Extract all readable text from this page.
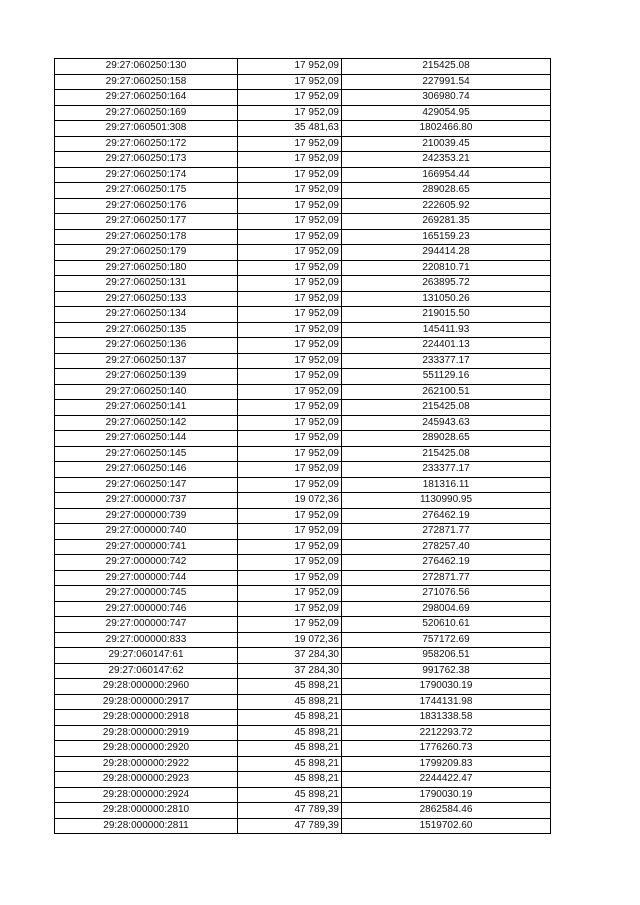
29:27:060250:130	17 952,09	215425.08
29:27:060250:158	17 952,09	227991.54
29:27:060250:164	17 952,09	306980.74
29:27:060250:169	17 952,09	429054.95
29:27:060501:308	35 481,63	1802466.80
29:27:060250:172	17 952,09	210039.45
29:27:060250:173	17 952,09	242353.21
29:27:060250:174	17 952,09	166954.44
29:27:060250:175	17 952,09	289028.65
29:27:060250:176	17 952,09	222605.92
29:27:060250:177	17 952,09	269281.35
29:27:060250:178	17 952,09	165159.23
29:27:060250:179	17 952,09	294414.28
29:27:060250:180	17 952,09	220810.71
29:27:060250:131	17 952,09	263895.72
29:27:060250:133	17 952,09	131050.26
29:27:060250:134	17 952,09	219015.50
29:27:060250:135	17 952,09	145411.93
29:27:060250:136	17 952,09	224401.13
29:27:060250:137	17 952,09	233377.17
29:27:060250:139	17 952,09	551129.16
29:27:060250:140	17 952,09	262100.51
29:27:060250:141	17 952,09	215425.08
29:27:060250:142	17 952,09	245943.63
29:27:060250:144	17 952,09	289028.65
29:27:060250:145	17 952,09	215425.08
29:27:060250:146	17 952,09	233377.17
29:27:060250:147	17 952,09	181316.11
29:27:000000:737	19 072,36	1130990.95
29:27:000000:739	17 952,09	276462.19
29:27:000000:740	17 952,09	272871.77
29:27:000000:741	17 952,09	278257.40
29:27:000000:742	17 952,09	276462.19
29:27:000000:744	17 952,09	272871.77
29:27:000000:745	17 952,09	271076.56
29:27:000000:746	17 952,09	298004.69
29:27:000000:747	17 952,09	520610.61
29:27:000000:833	19 072,36	757172.69
29:27:060147:61	37 284,30	958206.51
29:27:060147:62	37 284,30	991762.38
29:28:000000:2960	45 898,21	1790030.19
29:28:000000:2917	45 898,21	1744131.98
29:28:000000:2918	45 898,21	1831338.58
29:28:000000:2919	45 898,21	2212293.72
29:28:000000:2920	45 898,21	1776260.73
29:28:000000:2922	45 898,21	1799209.83
29:28:000000:2923	45 898,21	2244422.47
29:28:000000:2924	45 898,21	1790030.19
29:28:000000:2810	47 789,39	2862584.46
29:28:000000:2811	47 789,39	1519702.60
